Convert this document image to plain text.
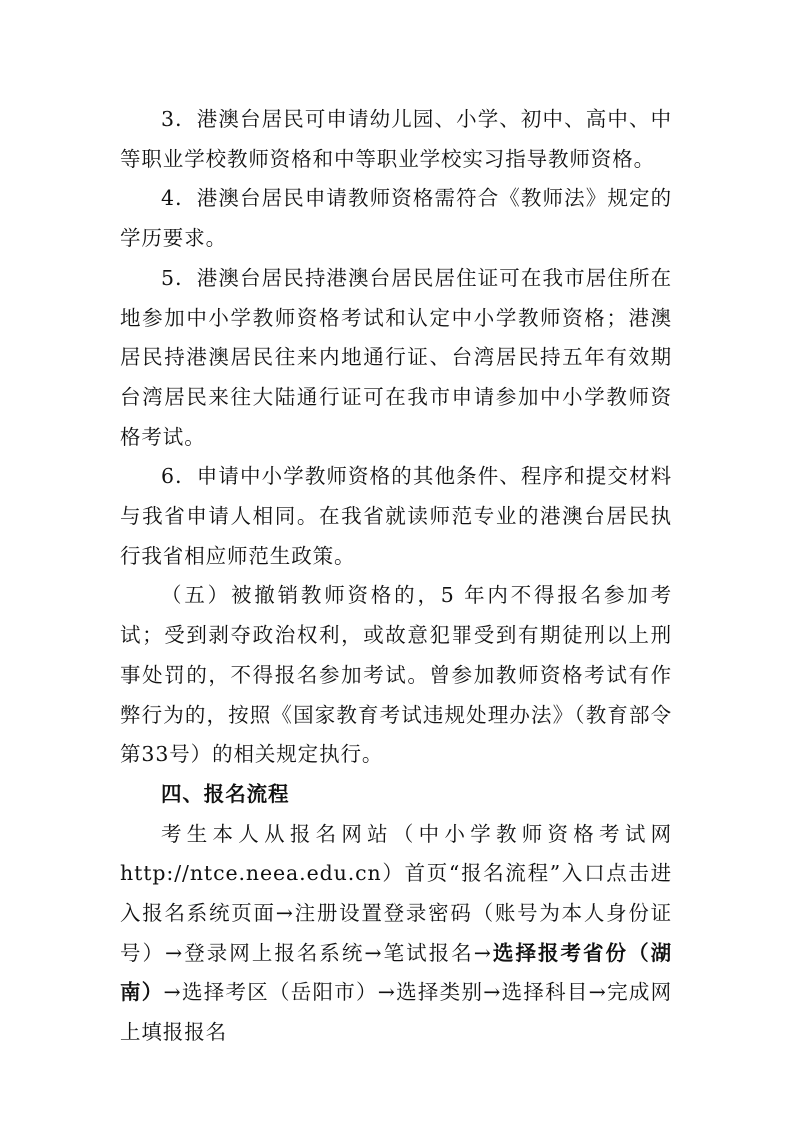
3．港澳台居民可申请幼儿园、小学、初中、高中、中等职业学校教师资格和中等职业学校实习指导教师资格。

4．港澳台居民申请教师资格需符合《教师法》规定的学历要求。

5．港澳台居民持港澳台居民居住证可在我市居住所在地参加中小学教师资格考试和认定中小学教师资格；港澳居民持港澳居民往来内地通行证、台湾居民持五年有效期台湾居民来往大陆通行证可在我市申请参加中小学教师资格考试。

6．申请中小学教师资格的其他条件、程序和提交材料与我省申请人相同。在我省就读师范专业的港澳台居民执行我省相应师范生政策。

（五）被撤销教师资格的，5 年内不得报名参加考试；受到剥夺政治权利，或故意犯罪受到有期徒刑以上刑事处罚的，不得报名参加考试。曾参加教师资格考试有作弊行为的，按照《国家教育考试违规处理办法》（教育部令第33号）的相关规定执行。

四、报名流程

考生本人从报名网站（中小学教师资格考试网http://ntce.neea.edu.cn）首页“报名流程”入口点击进入报名系统页面→注册设置登录密码（账号为本人身份证号）→登录网上报名系统→笔试报名→选择报考省份（湖南）→选择考区（岳阳市）→选择类别→选择科目→完成网上填报报名
